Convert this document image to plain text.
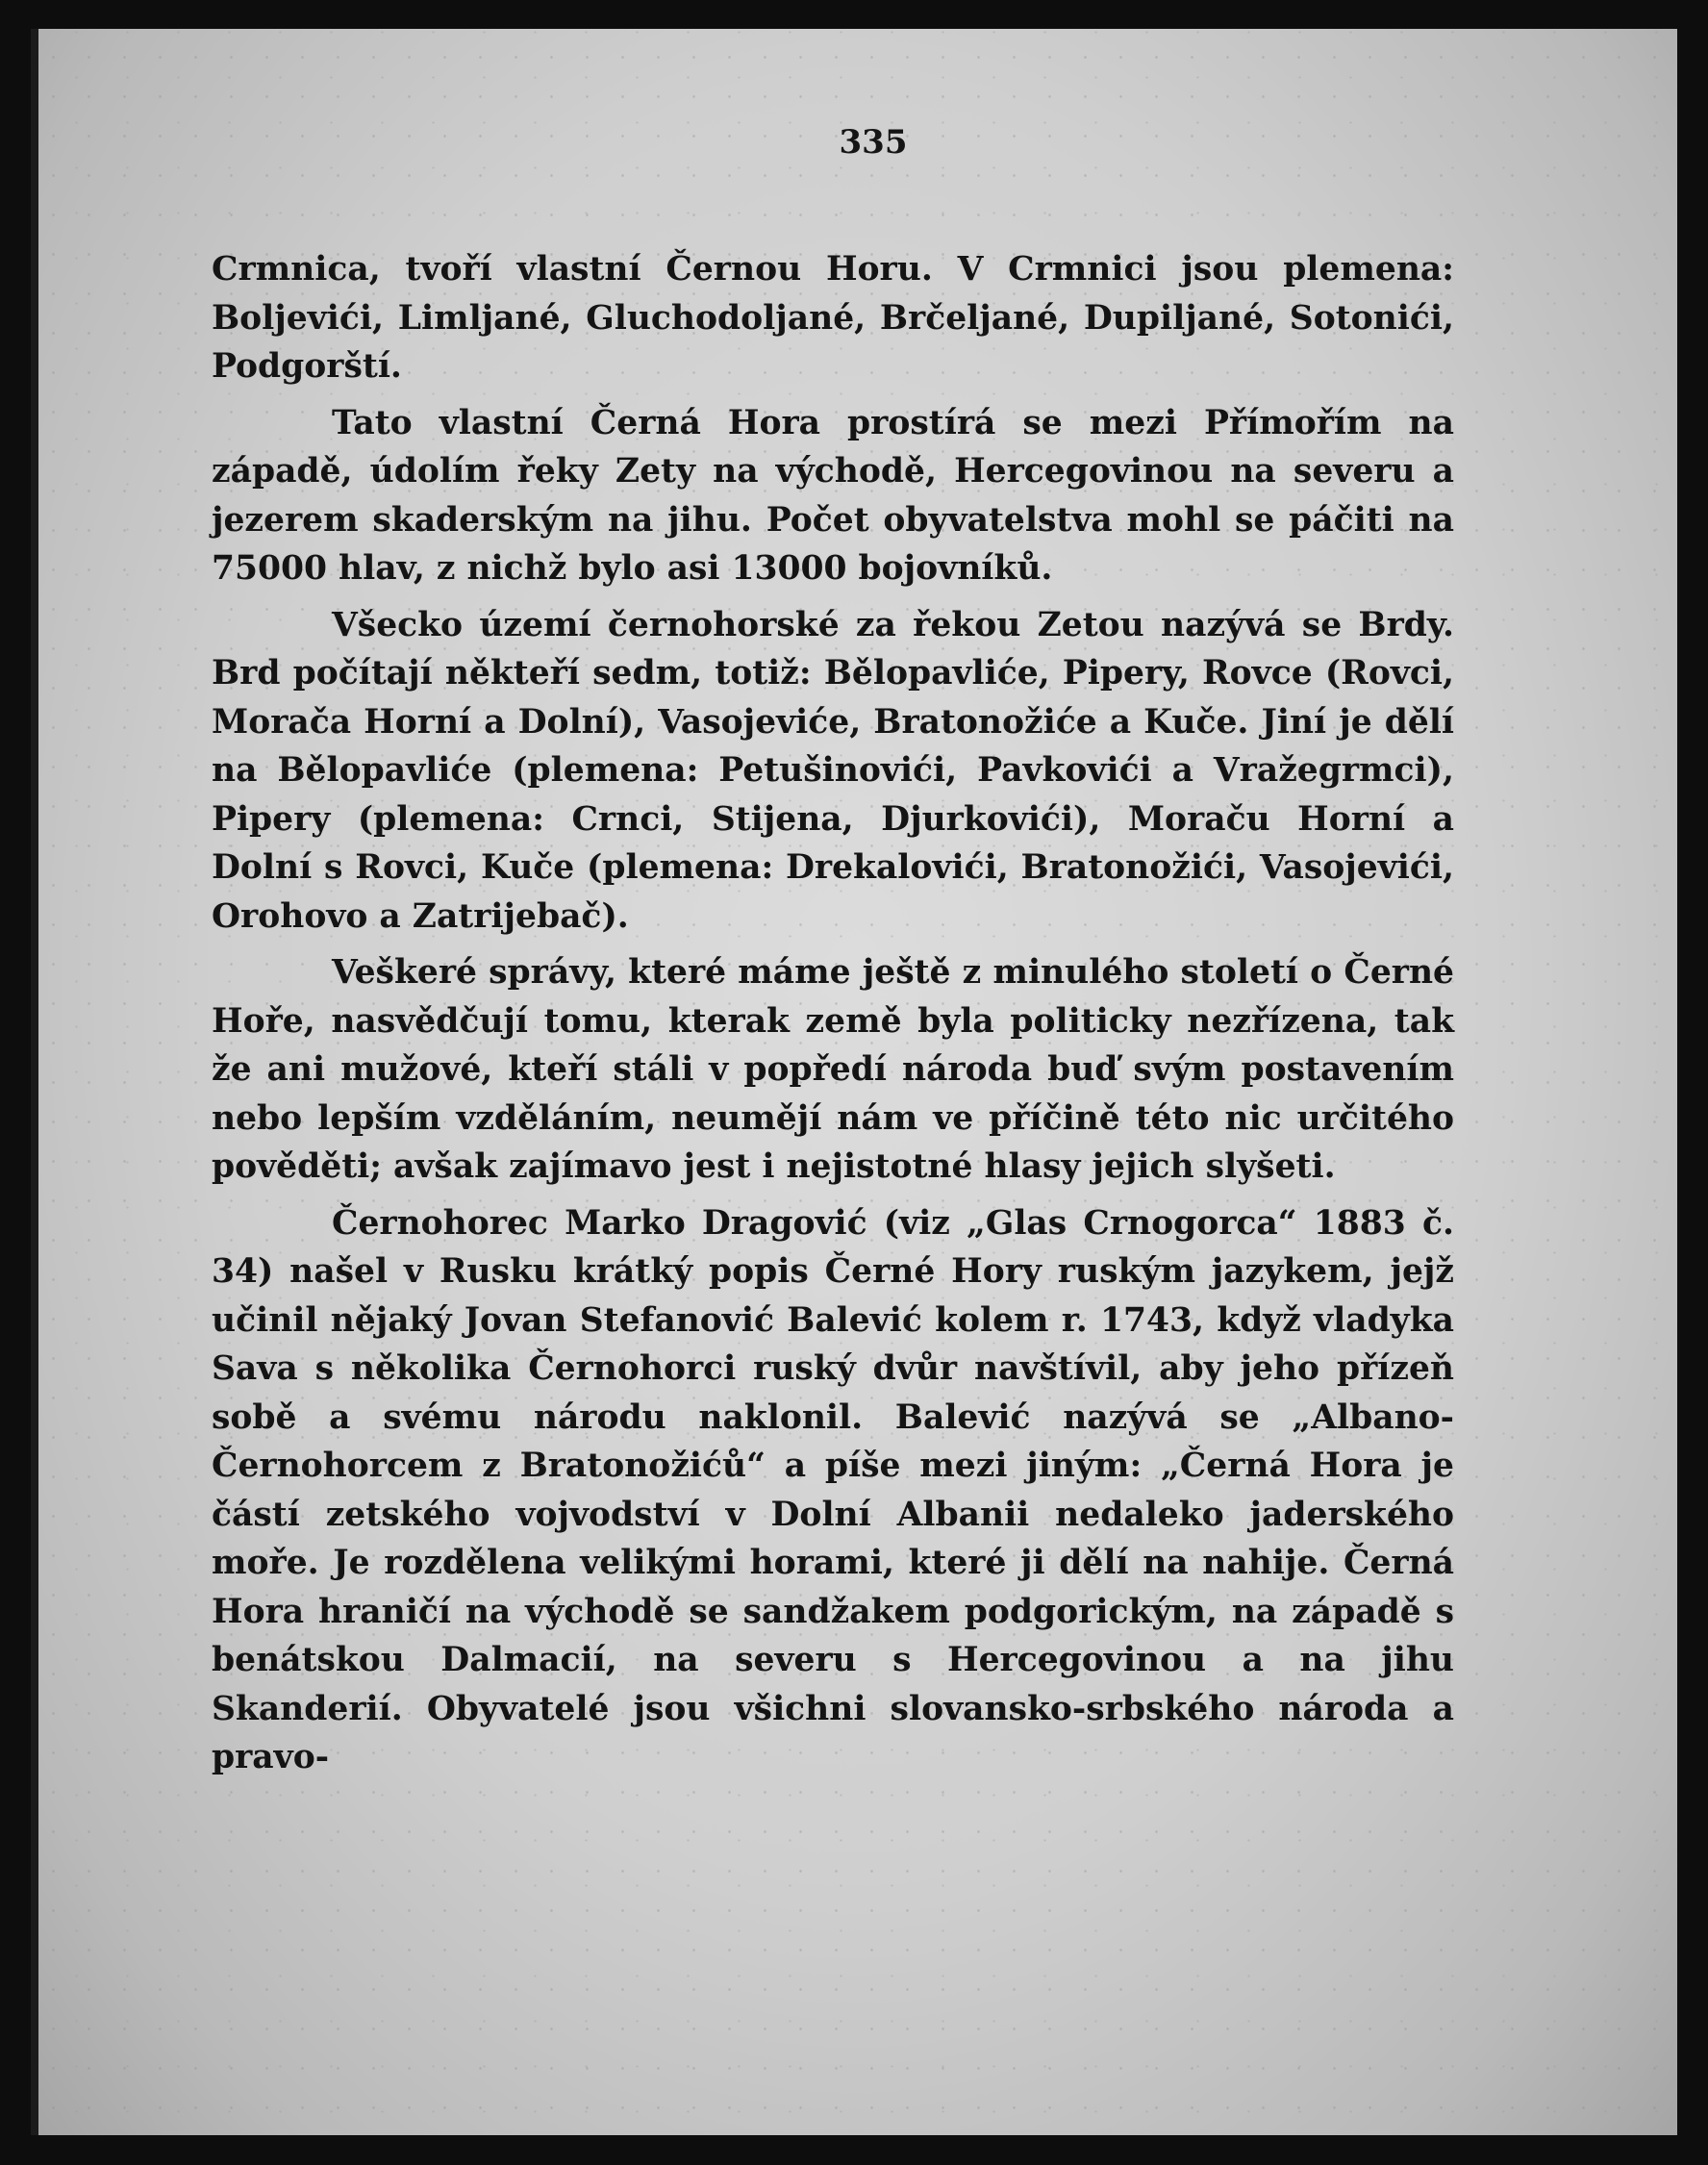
335

Crmnica, tvoří vlastní Černou Horu. V Crmnici jsou plemena: Boljevići, Limljané, Gluchodoljané, Brčeljané, Dupiljané, Sotonići, Podgorští.

Tato vlastní Černá Hora prostírá se mezi Přímořím na západě, údolím řeky Zety na východě, Hercegovinou na severu a jezerem skaderským na jihu. Počet obyvatelstva mohl se páčiti na 75000 hlav, z nichž bylo asi 13000 bojovníků.

Všecko území černohorské za řekou Zetou nazývá se Brdy. Brd počítají někteří sedm, totiž: Bělopavliće, Pipery, Rovce (Rovci, Morača Horní a Dolní), Vasojeviće, Bratonožiće a Kuče. Jiní je dělí na Bělopavliće (plemena: Petušinovići, Pavkovići a Vražegrmci), Pipery (plemena: Crnci, Stijena, Djurkovići), Moraču Horní a Dolní s Rovci, Kuče (plemena: Drekalovići, Bratonožići, Vasojevići, Orohovo a Zatrijebač).

Veškeré správy, které máme ještě z minulého století o Černé Hoře, nasvědčují tomu, kterak země byla politicky nezřízena, tak že ani mužové, kteří stáli v popředí národa buď svým postavením nebo lepším vzděláním, neumějí nám ve příčině této nic určitého pověděti; avšak zajímavo jest i nejistotné hlasy jejich slyšeti.

Černohorec Marko Dragović (viz „Glas Crnogorca“ 1883 č. 34) našel v Rusku krátký popis Černé Hory ruským jazykem, jejž učinil nějaký Jovan Stefanović Balević kolem r. 1743, když vladyka Sava s několika Černohorci ruský dvůr navštívil, aby jeho přízeň sobě a svému národu naklonil. Balević nazývá se „Albano-Černohorcem z Bratonožićů“ a píše mezi jiným: „Černá Hora je částí zetského vojvodství v Dolní Albanii nedaleko jaderského moře. Je rozdělena velikými horami, které ji dělí na nahije. Černá Hora hraničí na východě se sandžakem podgorickým, na západě s benátskou Dalmacií, na severu s Hercegovinou a na jihu Skanderií. Obyvatelé jsou všichni slovansko-srbského národa a pravo-
